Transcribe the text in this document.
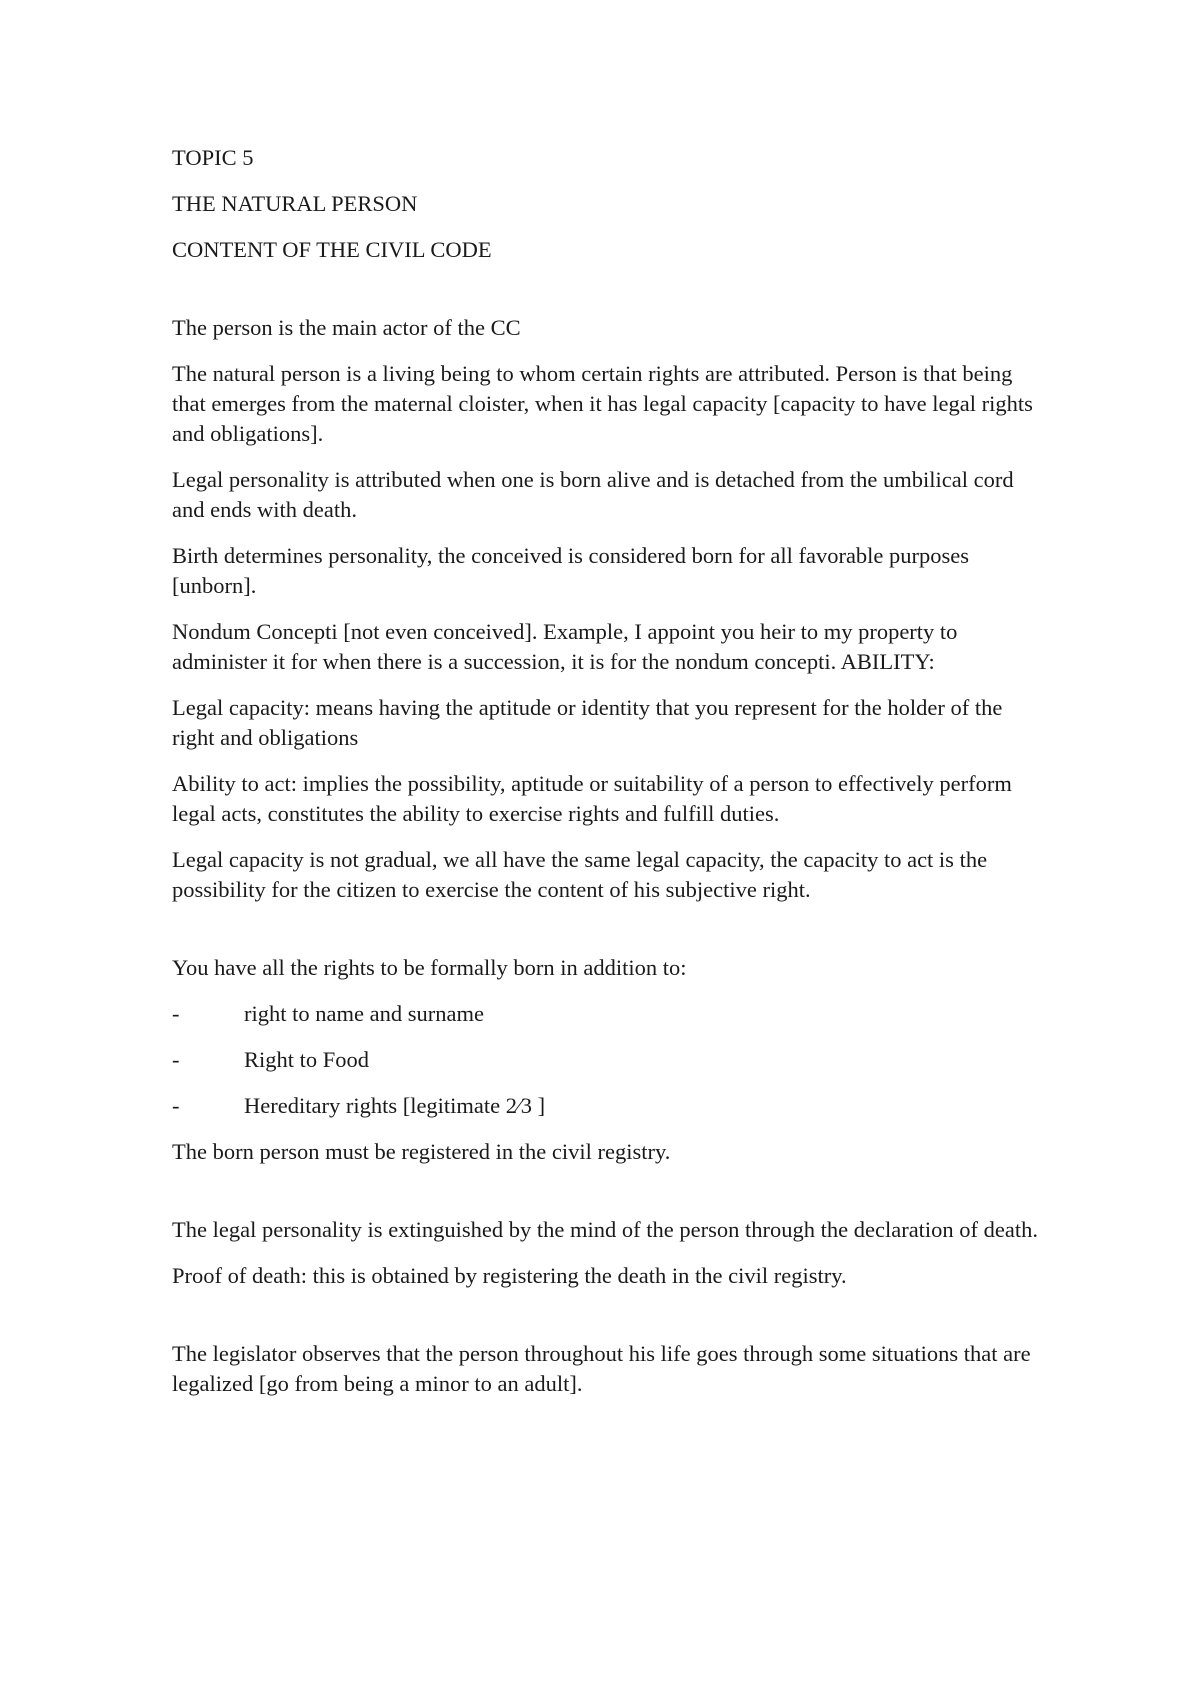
TOPIC 5

THE NATURAL PERSON

CONTENT OF THE CIVIL CODE

The person is the main actor of the CC

The natural person is a living being to whom certain rights are attributed. Person is that being that emerges from the maternal cloister, when it has legal capacity [capacity to have legal rights and obligations].

Legal personality is attributed when one is born alive and is detached from the umbilical cord and ends with death.

Birth determines personality, the conceived is considered born for all favorable purposes [unborn].

Nondum Concepti [not even conceived]. Example, I appoint you heir to my property to administer it for when there is a succession, it is for the nondum concepti. ABILITY:

Legal capacity: means having the aptitude or identity that you represent for the holder of the right and obligations

Ability to act: implies the possibility, aptitude or suitability of a person to effectively perform legal acts, constitutes the ability to exercise rights and fulfill duties.

Legal capacity is not gradual, we all have the same legal capacity, the capacity to act is the possibility for the citizen to exercise the content of his subjective right.

You have all the rights to be formally born in addition to:

-	right to name and surname
-	Right to Food
-	Hereditary rights [legitimate 2⁄3 ]

The born person must be registered in the civil registry.

The legal personality is extinguished by the mind of the person through the declaration of death.

Proof of death: this is obtained by registering the death in the civil registry.

The legislator observes that the person throughout his life goes through some situations that are legalized [go from being a minor to an adult].
